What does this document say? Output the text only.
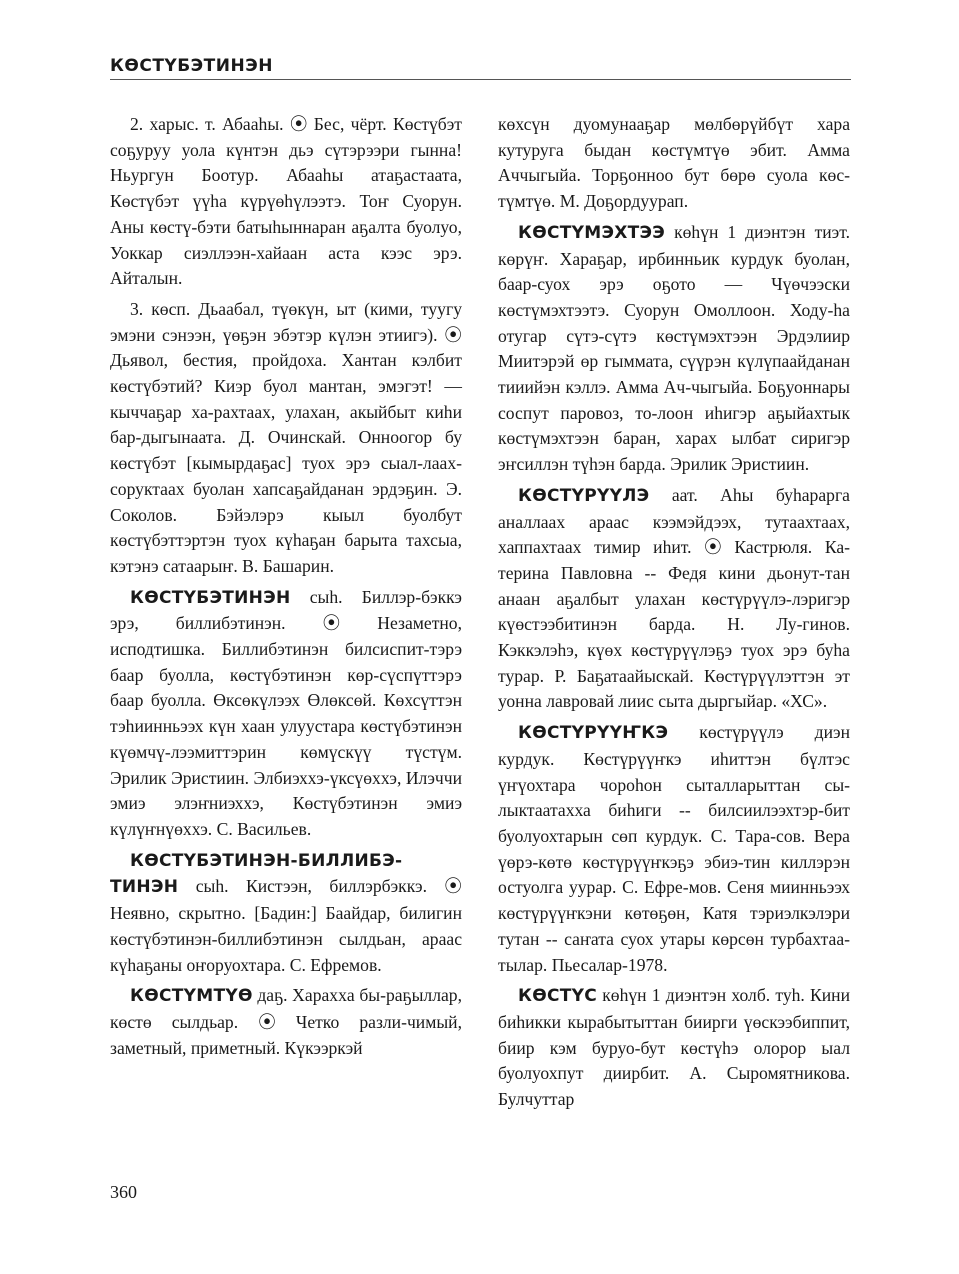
КӨСТҮБЭТИНЭН

2. харыс. т. Абааһы. ⦿ Бес, чёрт. Көстүбэт соҕуруу уола күнтэн дьэ сүтэрээри гынна! Ньургун Боотур. Абааһы атаҕастаата, Көстүбэт үүһа күрүөһүлээтэ. Тоҥ Суорун. Аны көстү-бэти батыһыннаран аҕалта буолуо, Уоккар сиэллээн-хайаан аста кээс эрэ. Айталын.

3. көсп. Дьаабал, түөкүн, ыт (кими, туугу эмэни сэнээн, үөҕэн эбэтэр күлэн этиигэ). ⦿ Дьявол, бестия, пройдоха. Хантан кэлбит көстүбэтий? Киэр буол мантан, эмэгэт! — кыччаҕар ха-рахтаах, улахан, акыйбыт киһи бар-дыгынаата. Д. Очинскай. Онноогор бу көстүбэт [кымырдаҕас] туох эрэ сыал-лаах-соруктаах буолан хапсаҕайданан эрдэҕин. Э. Соколов. Бэйэлэрэ кыыл буолбут көстүбэттэртэн туох күһаҕан барыта тахсыа, кэтэнэ сатаарыҥ. В. Башарин.

КӨСТҮБЭТИНЭН сыһ. Биллэр-бэккэ эрэ, биллибэтинэн. ⦿ Незаметно, исподтишка. Биллибэтинэн билсиспит-тэрэ баар буолла, көстүбэтинэн көр-сүспүттэрэ баар буолла. Өксөкүлээх Өлөксөй. Көхсүттэн тэһиинньээх күн хаан улуустара көстүбэтинэн күөмчү-лээмиттэрин көмүскүү түстүм. Эрилик Эристиин. Элбиэххэ-үксүөххэ, Илэччи эмиэ элэҥниэххэ, Көстүбэтинэн эмиэ күлүҥнүөххэ. С. Васильев.

КӨСТҮБЭТИНЭН-БИЛЛИБЭ-ТИНЭН сыһ. Кистээн, биллэрбэккэ. ⦿ Неявно, скрытно. [Бадин:] Баайдар, билигин көстүбэтинэн-биллибэтинэн сылдьан, араас күһаҕаны оҥоруохтара. С. Ефремов.

КӨСТҮМТҮӨ даҕ. Хараххa бы-раҕыллар, көстө сылдьар. ⦿ Четко разли-чимый, заметный, приметный. Күкээркэй

көхсүн дуомунааҕар мөлбөрүйбүт хара кутуругa быдан көстүмтүө эбит. Амма Аччыгыйа. Торҕонноо бут бөрө суола көс-түмтүө. М. Доҕордуурап.

КӨСТҮМЭХТЭЭ көһүн 1 диэнтэн тиэт. көрүҥ. Хараҕар, ирбинньик курдук буолан, баар-суох эрэ оҕото — Чүөчээски көстүмэхтээтэ. Суорун Омоллоон. Ходу-һа отугар сүтэ-сүтэ көстүмэхтээн Эрдэлиир Миитэрэй өр гыммата, сүүрэн күлүпаайданан тииийэн кэллэ. Амма Ач-чыгыйа. Боҕуоннары соспут паровоз, то-лоон иһигэр аҕыйахтык көстүмэхтээн баран, харах ылбат сиригэр эҥсиллэн түһэн барда. Эрилик Эристиин.

КӨСТҮРҮҮЛЭ аат. Аһы буһарарга аналлаах араас кээмэйдээх, тутаахтаах, хаппахтаах тимир иһит. ⦿ Кастрюля. Ка-терина Павловна -- Федя кини дьонут-тан анаан аҕалбыт улахан көстүрүүлэ-лэригэр күөстээбитинэн барда. Н. Лу-гинов. Кэккэлэһэ, күөх көстүрүүлэҕэ туох эрэ буһа турар. Р. Баҕатаайыскай. Көстүрүүлэттэн эт уонна лавровай лиис сыта дыргыйар. «ХС».

КӨСТҮРҮҮҤКЭ көстүрүүлэ диэн курдук. Көстүрүүҥкэ иһиттэн бүлтэс үҥүохтара чороһон сыталларыттан сы-лыктаатахха биһиги -- билсиилээхтэр-бит буолуохтарын сөп курдук. С. Тара-сов. Вера үөрэ-көтө көстүрүүҥкэҕэ эбиэ-тин киллэрэн остуолга уурар. С. Ефре-мов. Сеня миинньээх көстүрүүҥкэни көтөҕөн, Катя тэриэлкэлэри тутан -- саҥата суох утары көрсөн турбахтаа-тылар. Пьесалар-1978.

КӨСТҮС көһүн 1 диэнтэн холб. туһ. Кини биһикки кырабытыттан биирги үөскээбиппит, биир кэм буруо-бут көстүһэ олорор ыал буолуохпут диирбит. А. Сыромятникова. Булчуттар

360
